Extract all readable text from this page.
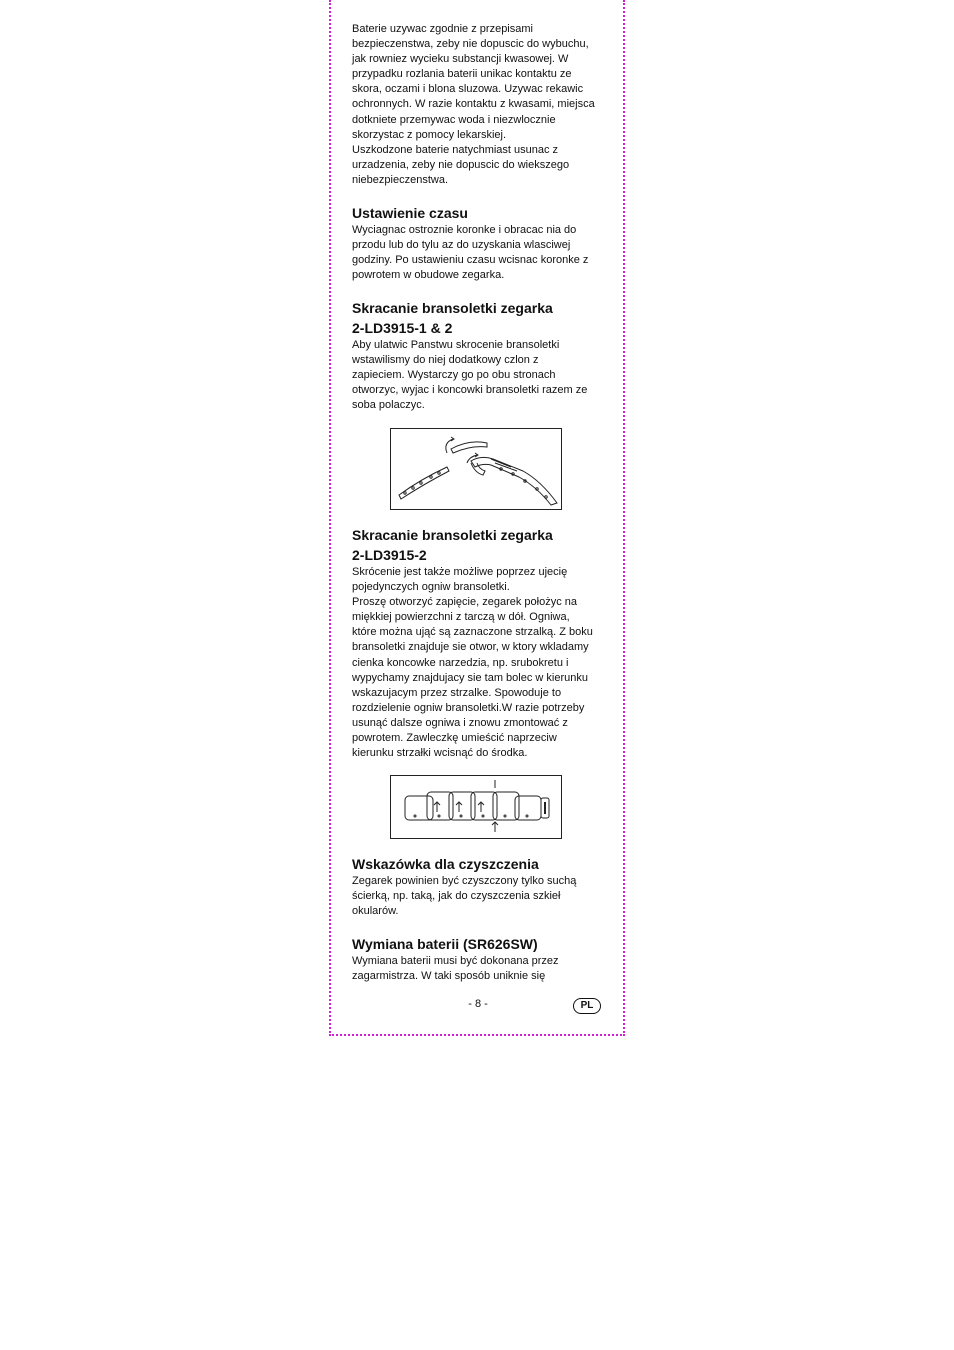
Baterie uzywac zgodnie z przepisami

bezpieczenstwa, zeby nie dopuscic do wybuchu,

jak rowniez wycieku substancji kwasowej. W

przypadku rozlania baterii unikac kontaktu ze

skora, oczami i blona sluzowa. Uzywac rekawic

ochronnych. W razie kontaktu z kwasami, miejsca

dotkniete przemywac woda i niezwlocznie

skorzystac z pomocy lekarskiej.

Uszkodzone baterie natychmiast usunac z

urzadzenia, zeby nie dopuscic do wiekszego

niebezpieczenstwa.

Ustawienie czasu

Wyciagnac ostroznie koronke i obracac nia do

przodu lub do tylu az do uzyskania wlasciwej

godziny. Po ustawieniu czasu wcisnac koronke z

powrotem w obudowe zegarka.

Skracanie bransoletki zegarka
2-LD3915-1 & 2

Aby ulatwic Panstwu skrocenie bransoletki

wstawilismy do niej dodatkowy czlon z

zapieciem. Wystarczy go po obu stronach

otworzyc, wyjac i koncowki bransoletki razem ze

soba polaczyc.

Skracanie bransoletki zegarka
2-LD3915-2

Skrócenie jest także możliwe poprzez ujecię

pojedynczych ogniw bransoletki.

Proszę otworzyć zapięcie, zegarek położyc na

miękkiej powierzchni z tarczą w dół. Ogniwa,

które można ująć są zaznaczone strzalką. Z boku

bransoletki znajduje sie otwor, w ktory wkladamy

cienka koncowke narzedzia, np. srubokretu i

wypychamy znajdujacy sie tam bolec w kierunku

wskazujacym przez strzalke. Spowoduje to

rozdzielenie ogniw bransoletki.W razie potrzeby

usunąć dalsze ogniwa i znowu zmontować z

powrotem. Zawleczkę umieścić naprzeciw

kierunku strzałki wcisnąć do środka.

Wskazówka dla czyszczenia

Zegarek powinien być czyszczony tylko suchą

ścierką, np. taką, jak do czyszczenia szkieł

okularów.

Wymiana baterii (SR626SW)

Wymiana baterii musi być dokonana przez

zagarmistrza. W taki sposób uniknie się

- 8 -	PL
